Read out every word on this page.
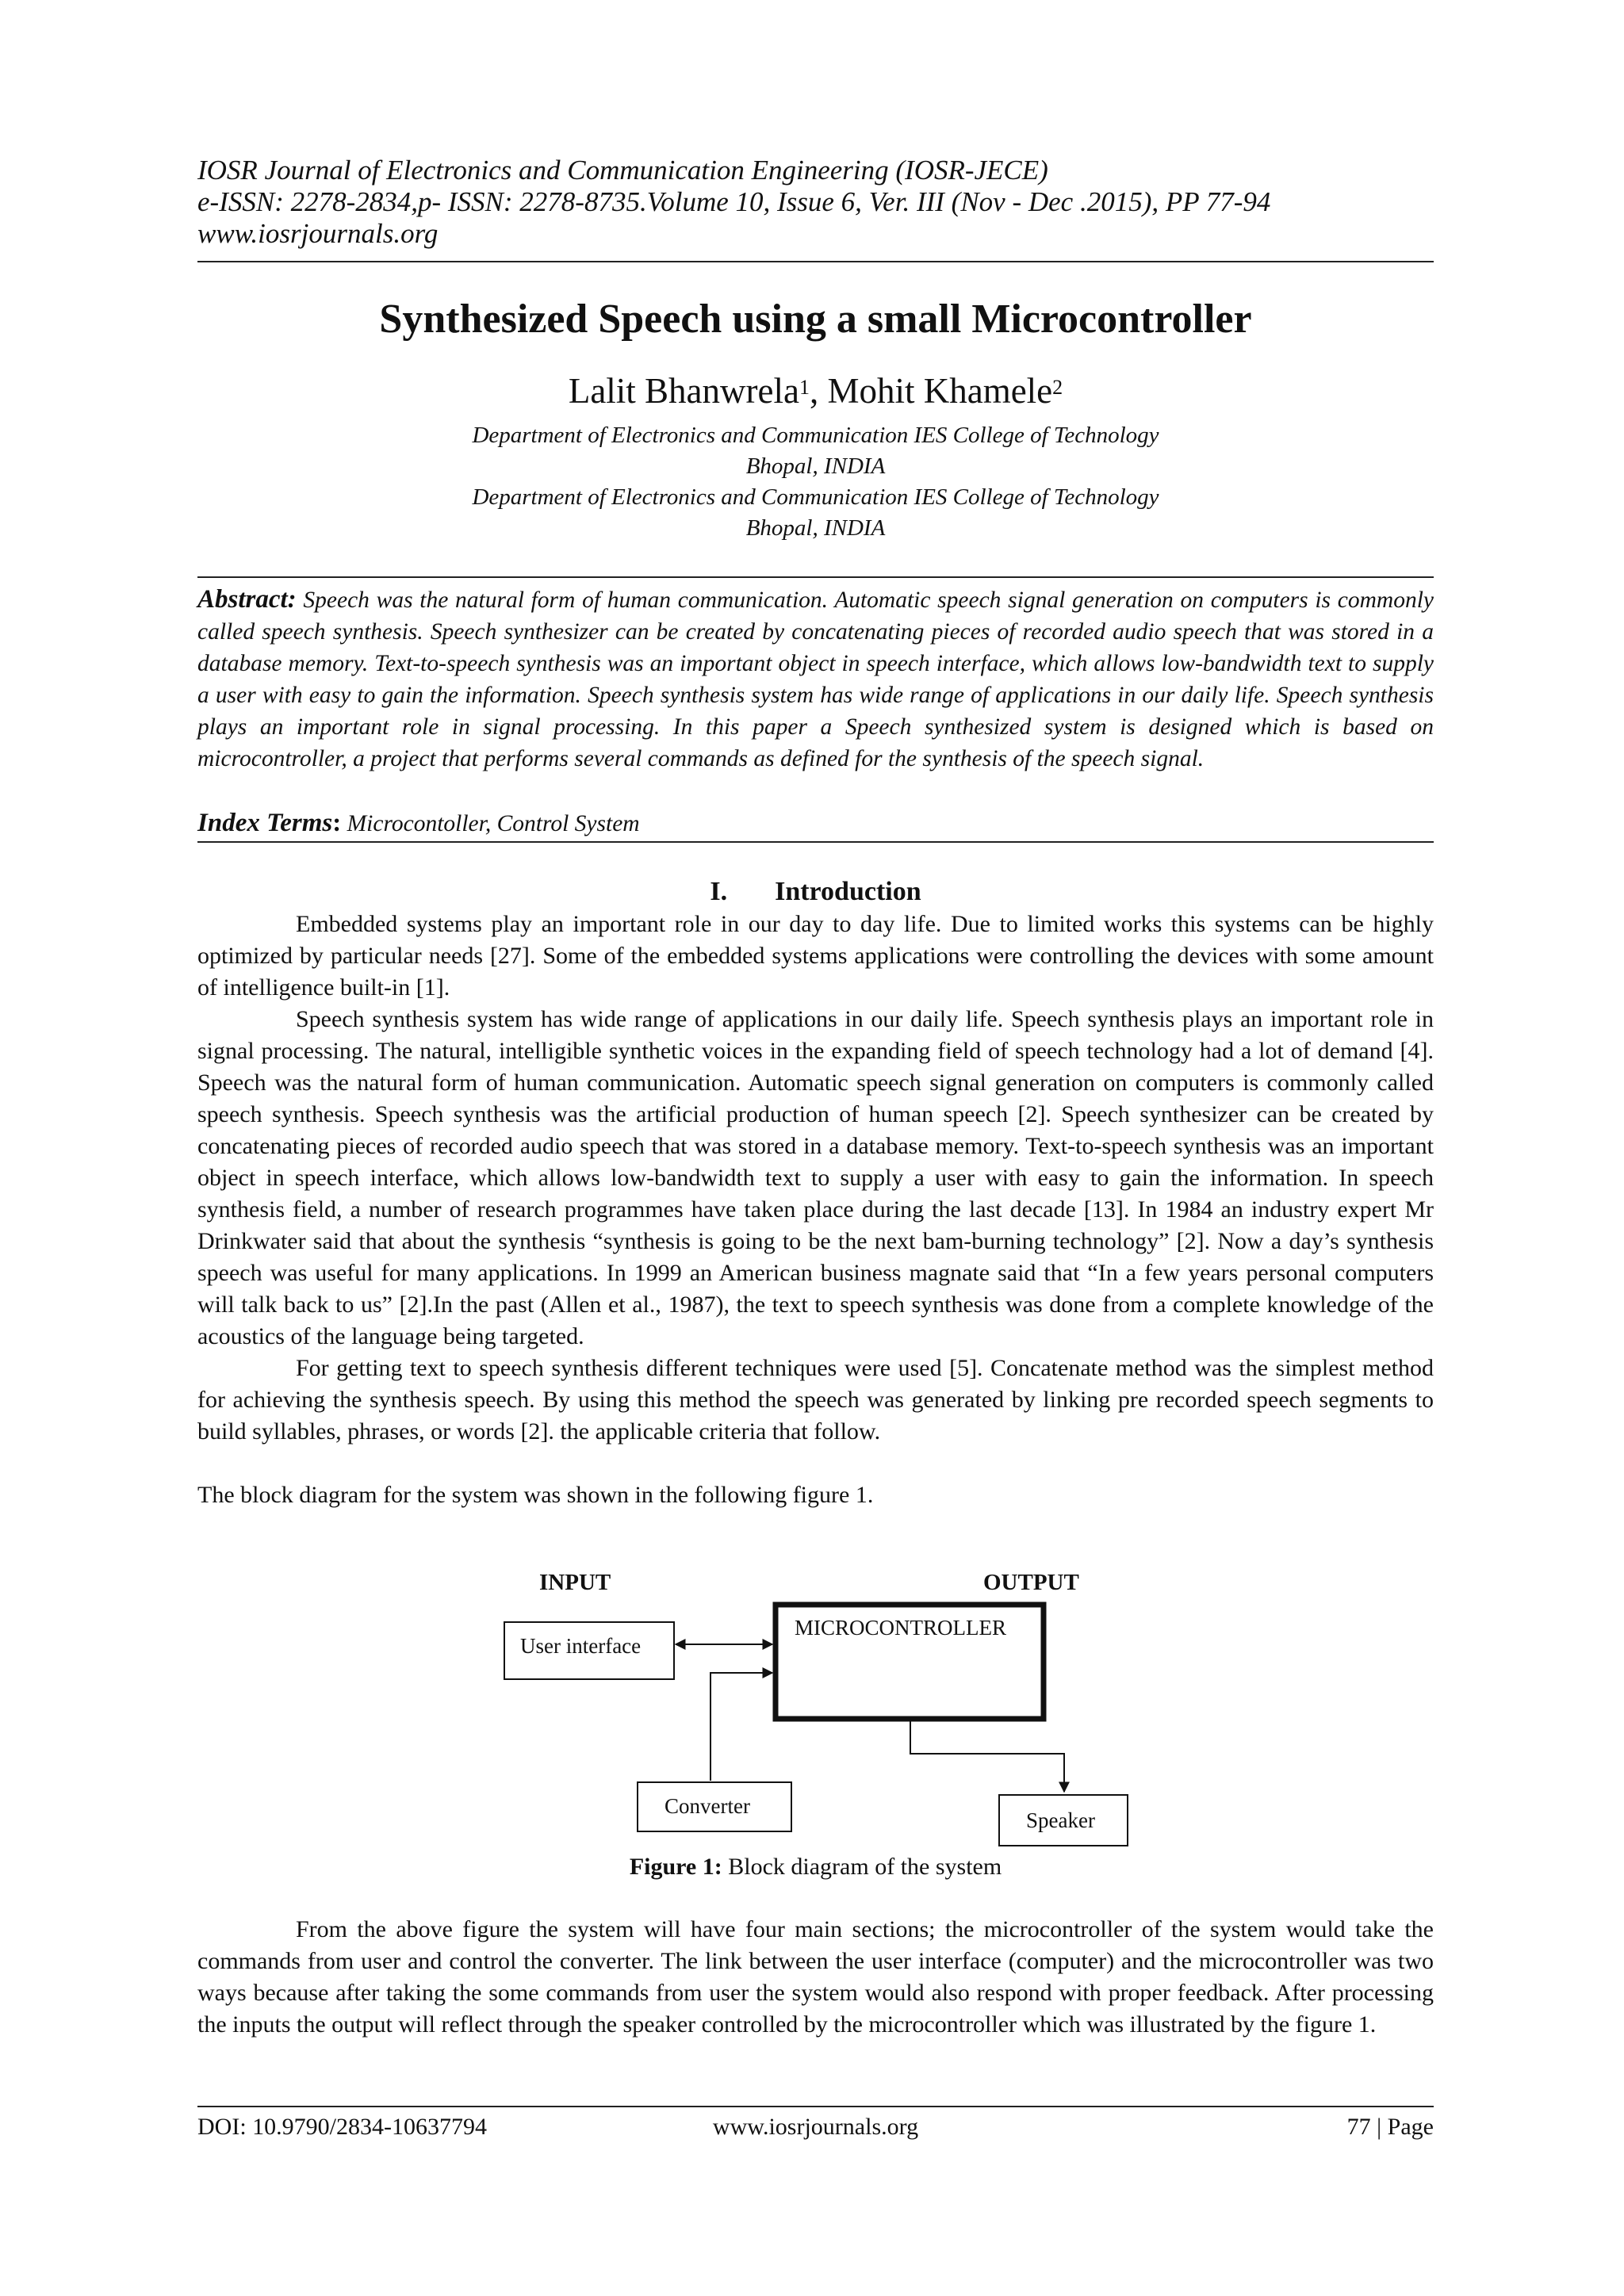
IOSR Journal of Electronics and Communication Engineering (IOSR-JECE)
e-ISSN: 2278-2834,p- ISSN: 2278-8735.Volume 10, Issue 6, Ver. III (Nov - Dec .2015), PP 77-94
www.iosrjournals.org
Synthesized Speech using a small Microcontroller
Lalit Bhanwrela$^1$, Mohit Khamele$^2$
Department of Electronics and Communication IES College of Technology
Bhopal, INDIA
Department of Electronics and Communication IES College of Technology
Bhopal, INDIA
Abstract: Speech was the natural form of human communication. Automatic speech signal generation on computers is commonly called speech synthesis. Speech synthesizer can be created by concatenating pieces of recorded audio speech that was stored in a database memory. Text-to-speech synthesis was an important object in speech interface, which allows low-bandwidth text to supply a user with easy to gain the information. Speech synthesis system has wide range of applications in our daily life. Speech synthesis plays an important role in signal processing. In this paper a Speech synthesized system is designed which is based on microcontroller, a project that performs several commands as defined for the synthesis of the speech signal.
Index Terms: Microcontoller, Control System
I. Introduction

Embedded systems play an important role in our day to day life. Due to limited works this systems can be highly optimized by particular needs [27]. Some of the embedded systems applications were controlling the devices with some amount of intelligence built-in [1].

Speech synthesis system has wide range of applications in our daily life. Speech synthesis plays an important role in signal processing. The natural, intelligible synthetic voices in the expanding field of speech technology had a lot of demand [4]. Speech was the natural form of human communication. Automatic speech signal generation on computers is commonly called speech synthesis. Speech synthesis was the artificial production of human speech [2]. Speech synthesizer can be created by concatenating pieces of recorded audio speech that was stored in a database memory. Text-to-speech synthesis was an important object in speech interface, which allows low-bandwidth text to supply a user with easy to gain the information. In speech synthesis field, a number of research programmes have taken place during the last decade [13]. In 1984 an industry expert Mr Drinkwater said that about the synthesis “synthesis is going to be the next bam-burning technology” [2]. Now a day’s synthesis speech was useful for many applications. In 1999 an American business magnate said that “In a few years personal computers will talk back to us” [2].In the past (Allen et al., 1987), the text to speech synthesis was done from a complete knowledge of the acoustics of the language being targeted.

For getting text to speech synthesis different techniques were used [5]. Concatenate method was the simplest method for achieving the synthesis speech. By using this method the speech was generated by linking pre recorded speech segments to build syllables, phrases, or words [2]. the applicable criteria that follow.

The block diagram for the system was shown in the following figure 1.

INPUT	OUTPUT
User interface
MICROCONTROLLER
Converter
Speaker
Figure 1: Block diagram of the system

From the above figure the system will have four main sections; the microcontroller of the system would take the commands from user and control the converter. The link between the user interface (computer) and the microcontroller was two ways because after taking the some commands from user the system would also respond with proper feedback. After processing the inputs the output will reflect through the speaker controlled by the microcontroller which was illustrated by the figure 1.

DOI: 10.9790/2834-10637794	www.iosrjournals.org	77 | Page
